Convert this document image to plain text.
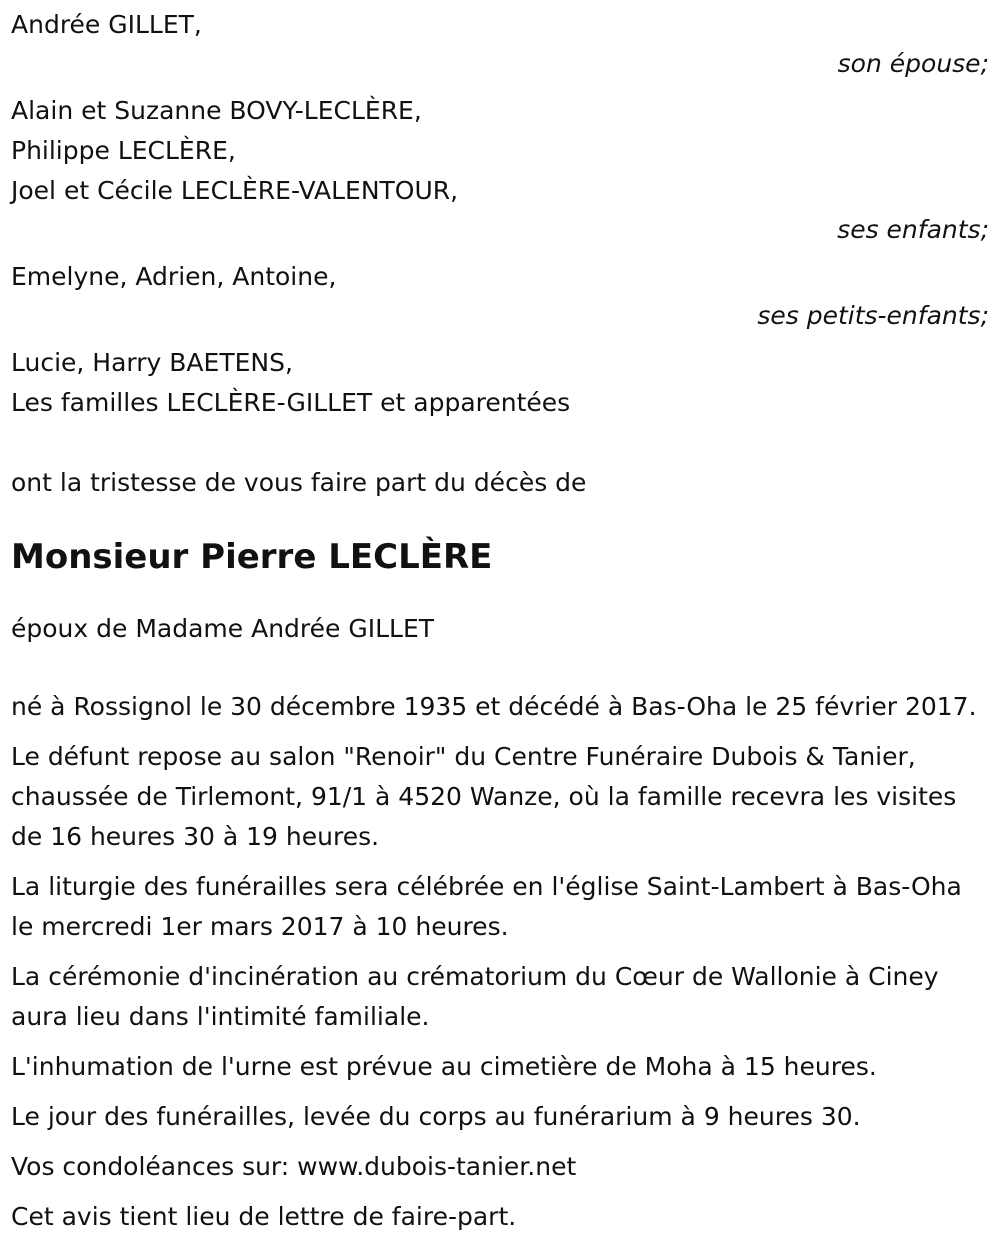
Andrée GILLET,
son épouse;
Alain et Suzanne BOVY-LECLÈRE,
Philippe LECLÈRE,
Joel et Cécile LECLÈRE-VALENTOUR,
ses enfants;
Emelyne, Adrien, Antoine,
ses petits-enfants;
Lucie, Harry BAETENS,
Les familles LECLÈRE-GILLET et apparentées
ont la tristesse de vous faire part du décès de
Monsieur Pierre LECLÈRE
époux de Madame Andrée GILLET
né à Rossignol le 30 décembre 1935 et décédé à Bas-Oha le 25 février 2017.
Le défunt repose au salon "Renoir" du Centre Funéraire Dubois & Tanier, chaussée de Tirlemont, 91/1 à 4520 Wanze, où la famille recevra les visites de 16 heures 30 à 19 heures.
La liturgie des funérailles sera célébrée en l'église Saint-Lambert à Bas-Oha le mercredi 1er mars 2017 à 10 heures.
La cérémonie d'incinération au crématorium du Cœur de Wallonie à Ciney aura lieu dans l'intimité familiale.
L'inhumation de l'urne est prévue au cimetière de Moha à 15 heures.
Le jour des funérailles, levée du corps au funérarium à 9 heures 30.
Vos condoléances sur: www.dubois-tanier.net
Cet avis tient lieu de lettre de faire-part.
